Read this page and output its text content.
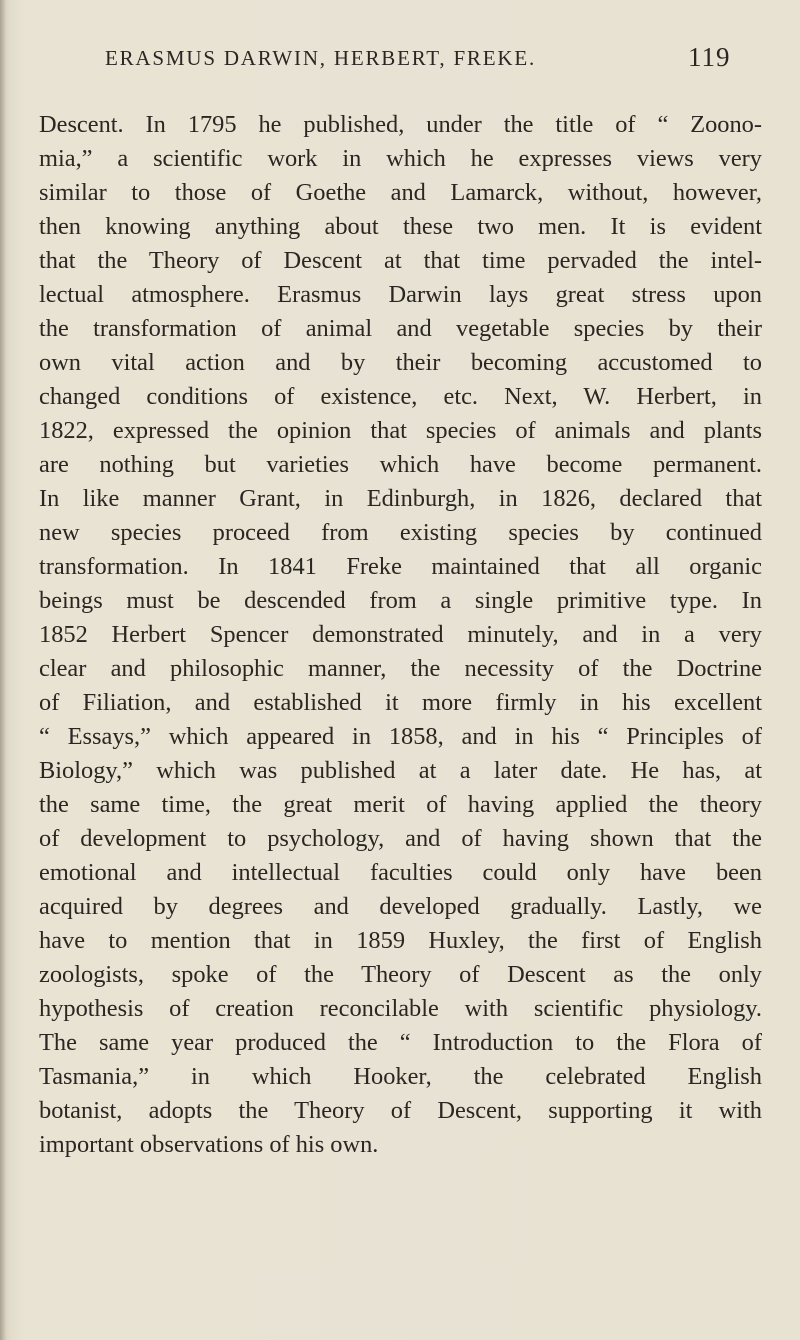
ERASMUS DARWIN, HERBERT, FREKE.	119
Descent. In 1795 he published, under the title of “ Zoono-
mia,” a scientific work in which he expresses views very
similar to those of Goethe and Lamarck, without, however,
then knowing anything about these two men. It is evident
that the Theory of Descent at that time pervaded the intel-
lectual atmosphere. Erasmus Darwin lays great stress upon
the transformation of animal and vegetable species by their
own vital action and by their becoming accustomed to
changed conditions of existence, etc. Next, W. Herbert, in
1822, expressed the opinion that species of animals and plants
are nothing but varieties which have become permanent.
In like manner Grant, in Edinburgh, in 1826, declared that
new species proceed from existing species by continued
transformation. In 1841 Freke maintained that all organic
beings must be descended from a single primitive type. In
1852 Herbert Spencer demonstrated minutely, and in a very
clear and philosophic manner, the necessity of the Doctrine
of Filiation, and established it more firmly in his excellent
“ Essays,” which appeared in 1858, and in his “ Principles of
Biology,” which was published at a later date. He has, at
the same time, the great merit of having applied the theory
of development to psychology, and of having shown that the
emotional and intellectual faculties could only have been
acquired by degrees and developed gradually. Lastly, we
have to mention that in 1859 Huxley, the first of English
zoologists, spoke of the Theory of Descent as the only
hypothesis of creation reconcilable with scientific physiology.
The same year produced the “ Introduction to the Flora of
Tasmania,” in which Hooker, the celebrated English
botanist, adopts the Theory of Descent, supporting it with
important observations of his own.
